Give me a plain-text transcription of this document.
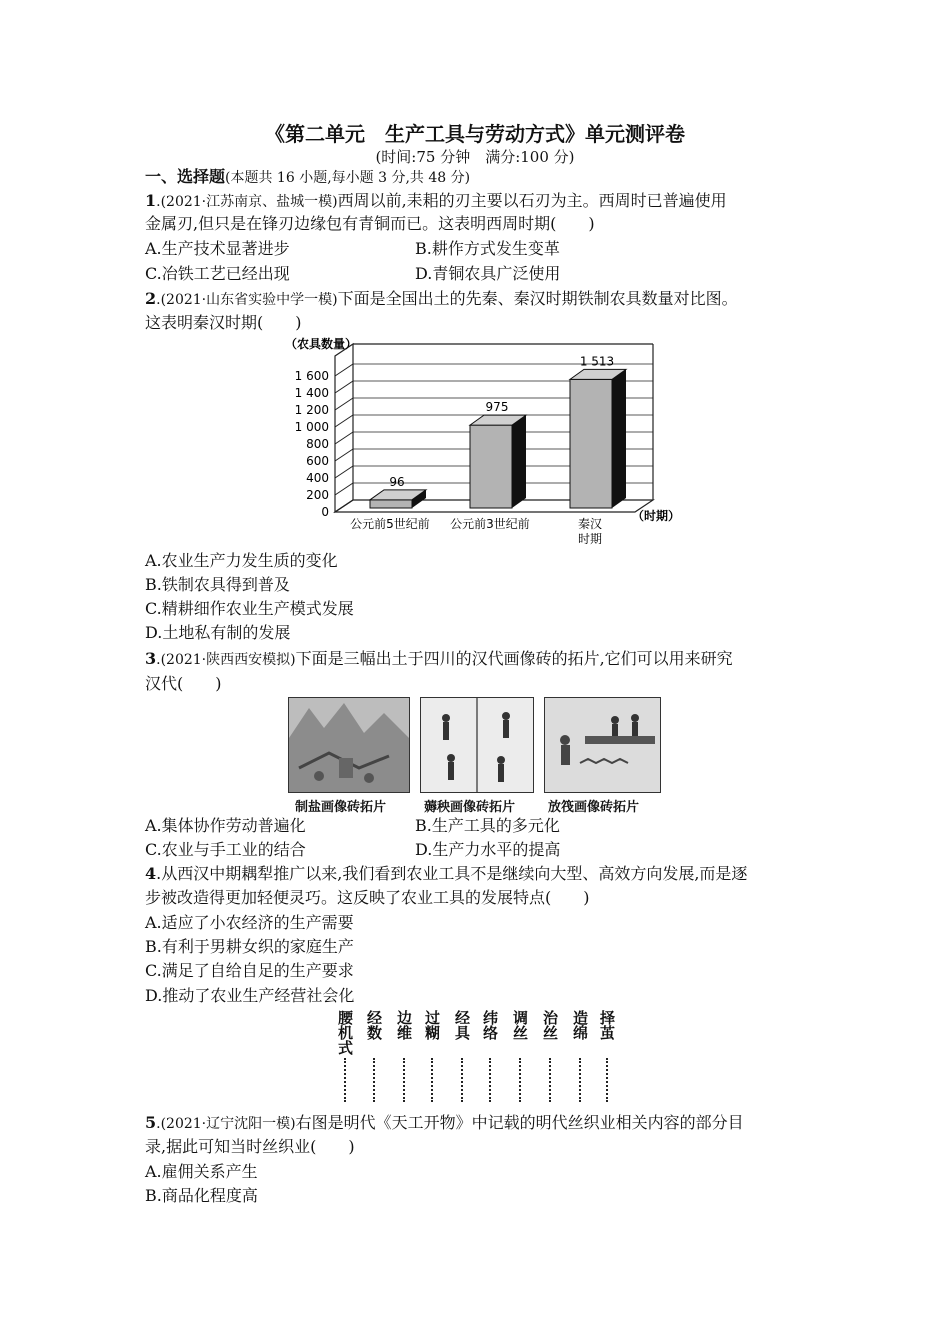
《第二单元　生产工具与劳动方式》单元测评卷
(时间:75 分钟　满分:100 分)
一、选择题(本题共 16 小题,每小题 3 分,共 48 分)
1.(2021·江苏南京、盐城一模)西周以前,耒耜的刃主要以石刃为主。西周时已普遍使用
金属刃,但只是在锋刃边缘包有青铜而已。这表明西周时期(　　)
A.生产技术显著进步	B.耕作方式发生变革
C.冶铁工艺已经出现	D.青铜农具广泛使用
2.(2021·山东省实验中学一模)下面是全国出土的先秦、秦汉时期铁制农具数量对比图。
这表明秦汉时期(　　)
1 600
1 400
1 200
1 000
800
600
400
200
0
（农具数量）
96
975
1 513
公元前5世纪前 公元前3世纪前	秦汉
时期
（时期）
A.农业生产力发生质的变化
B.铁制农具得到普及
C.精耕细作农业生产模式发展
D.土地私有制的发展
3.(2021·陕西西安模拟)下面是三幅出土于四川的汉代画像砖的拓片,它们可以用来研究
汉代(　　)
制盐画像砖拓片	薅秧画像砖拓片	放筏画像砖拓片
A.集体协作劳动普遍化	B.生产工具的多元化
C.农业与手工业的结合	D.生产力水平的提高
4.从西汉中期耦犁推广以来,我们看到农业工具不是继续向大型、高效方向发展,而是逐
步被改造得更加轻便灵巧。这反映了农业工具的发展特点(　　)
A.适应了小农经济的生产需要
B.有利于男耕女织的家庭生产
C.满足了自给自足的生产要求
D.推动了农业生产经营社会化
腰机式 经数 边维 过糊 经具 纬络 调丝 治丝 造绵 择茧
5.(2021·辽宁沈阳一模)右图是明代《天工开物》中记载的明代丝织业相关内容的部分目
录,据此可知当时丝织业(　　)
A.雇佣关系产生
B.商品化程度高
